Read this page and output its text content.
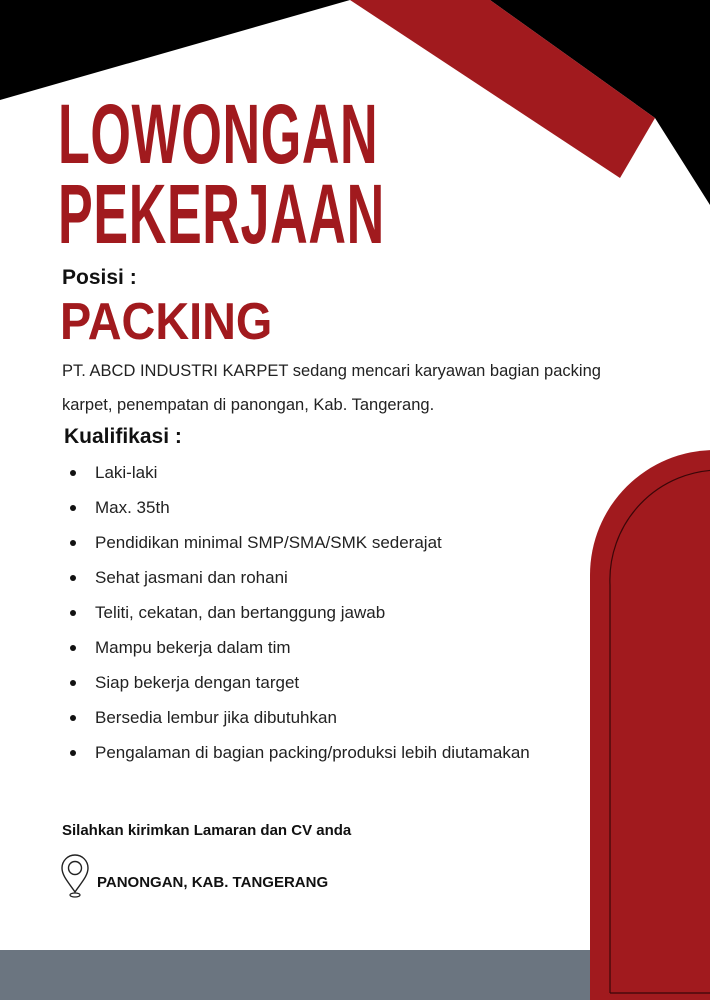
LOWONGAN
PEKERJAAN
Posisi :
PACKING
PT. ABCD INDUSTRI KARPET sedang mencari karyawan bagian packing karpet, penempatan di panongan, Kab. Tangerang.
Kualifikasi :
Laki-laki
Max. 35th
Pendidikan minimal SMP/SMA/SMK sederajat
Sehat jasmani dan rohani
Teliti, cekatan, dan bertanggung jawab
Mampu bekerja dalam tim
Siap bekerja dengan target
Bersedia lembur jika dibutuhkan
Pengalaman di bagian packing/produksi lebih diutamakan
Silahkan kirimkan Lamaran dan CV anda
PANONGAN, KAB. TANGERANG
